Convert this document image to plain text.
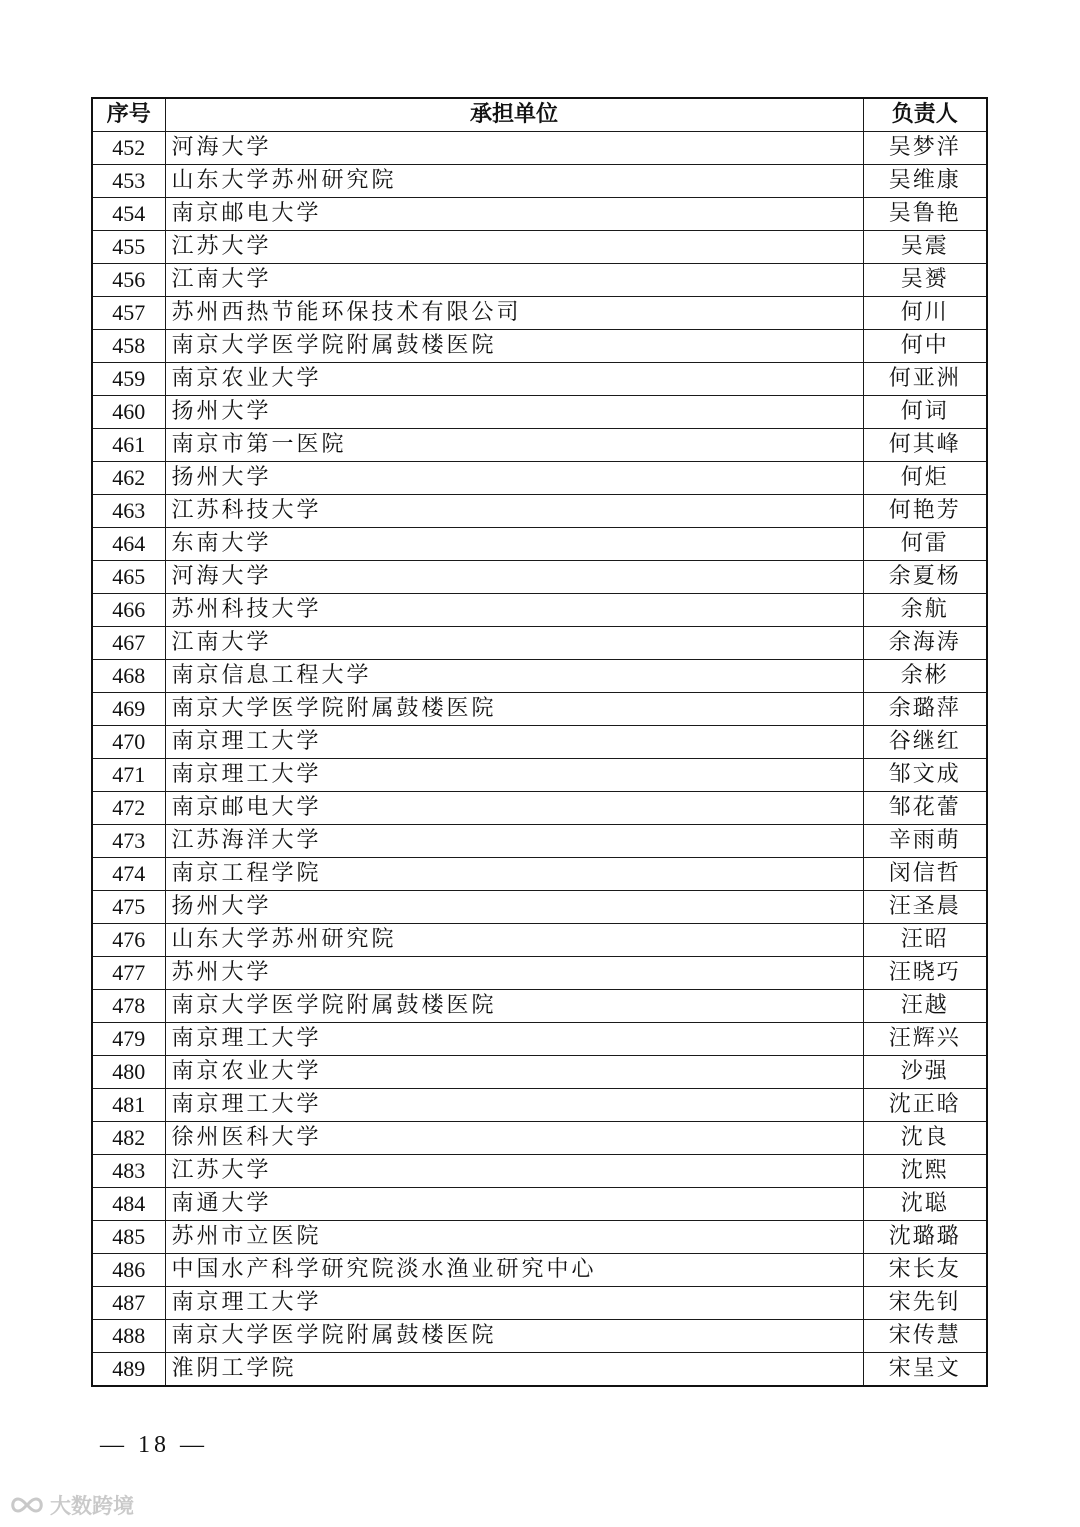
序号	承担单位	负责人
452	河海大学	吴梦洋
453	山东大学苏州研究院	吴维康
454	南京邮电大学	吴鲁艳
455	江苏大学	吴震
456	江南大学	吴赟
457	苏州西热节能环保技术有限公司	何川
458	南京大学医学院附属鼓楼医院	何中
459	南京农业大学	何亚洲
460	扬州大学	何词
461	南京市第一医院	何其峰
462	扬州大学	何炬
463	江苏科技大学	何艳芳
464	东南大学	何雷
465	河海大学	余夏杨
466	苏州科技大学	余航
467	江南大学	余海涛
468	南京信息工程大学	余彬
469	南京大学医学院附属鼓楼医院	余璐萍
470	南京理工大学	谷继红
471	南京理工大学	邹文成
472	南京邮电大学	邹花蕾
473	江苏海洋大学	辛雨萌
474	南京工程学院	闵信哲
475	扬州大学	汪圣晨
476	山东大学苏州研究院	汪昭
477	苏州大学	汪晓巧
478	南京大学医学院附属鼓楼医院	汪越
479	南京理工大学	汪辉兴
480	南京农业大学	沙强
481	南京理工大学	沈正晗
482	徐州医科大学	沈良
483	江苏大学	沈熙
484	南通大学	沈聪
485	苏州市立医院	沈璐璐
486	中国水产科学研究院淡水渔业研究中心	宋长友
487	南京理工大学	宋先钊
488	南京大学医学院附属鼓楼医院	宋传慧
489	淮阴工学院	宋呈文
— 18 —
大数跨境
